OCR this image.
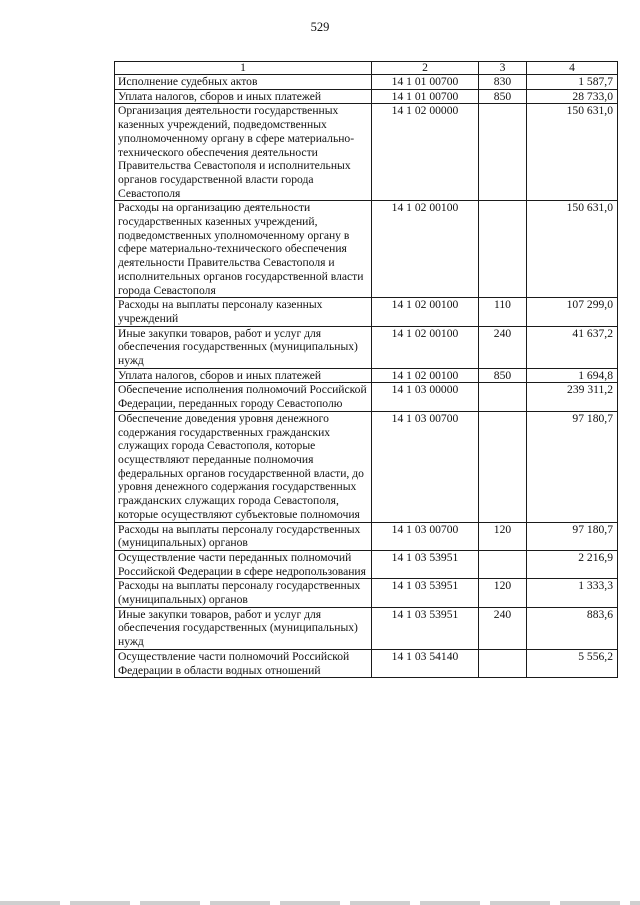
529
1	2	3	4
Исполнение судебных актов	14 1 01 00700	830	1 587,7
Уплата налогов, сборов и иных платежей	14 1 01 00700	850	28 733,0
Организация деятельности государственных казенных учреждений, подведомственных уполномоченному органу в сфере материально-технического обеспечения деятельности Правительства Севастополя и исполнительных органов государственной власти города Севастополя	14 1 02 00000		150 631,0
Расходы на организацию деятельности государственных казенных учреждений, подведомственных уполномоченному органу в сфере материально-технического обеспечения деятельности Правительства Севастополя и исполнительных органов государственной власти города Севастополя	14 1 02 00100		150 631,0
Расходы на выплаты персоналу казенных учреждений	14 1 02 00100	110	107 299,0
Иные закупки товаров, работ и услуг для обеспечения государственных (муниципальных) нужд	14 1 02 00100	240	41 637,2
Уплата налогов, сборов и иных платежей	14 1 02 00100	850	1 694,8
Обеспечение исполнения полномочий Российской Федерации, переданных городу Севастополю	14 1 03 00000		239 311,2
Обеспечение доведения уровня денежного содержания государственных гражданских служащих города Севастополя, которые осуществляют переданные полномочия федеральных органов государственной власти, до уровня денежного содержания государственных гражданских служащих города Севастополя, которые осуществляют субъектовые полномочия	14 1 03 00700		97 180,7
Расходы на выплаты персоналу государственных (муниципальных) органов	14 1 03 00700	120	97 180,7
Осуществление части переданных полномочий Российской Федерации в сфере недропользования	14 1 03 53951		2 216,9
Расходы на выплаты персоналу государственных (муниципальных) органов	14 1 03 53951	120	1 333,3
Иные закупки товаров, работ и услуг для обеспечения государственных (муниципальных) нужд	14 1 03 53951	240	883,6
Осуществление части полномочий Российской Федерации в области водных отношений	14 1 03 54140		5 556,2
